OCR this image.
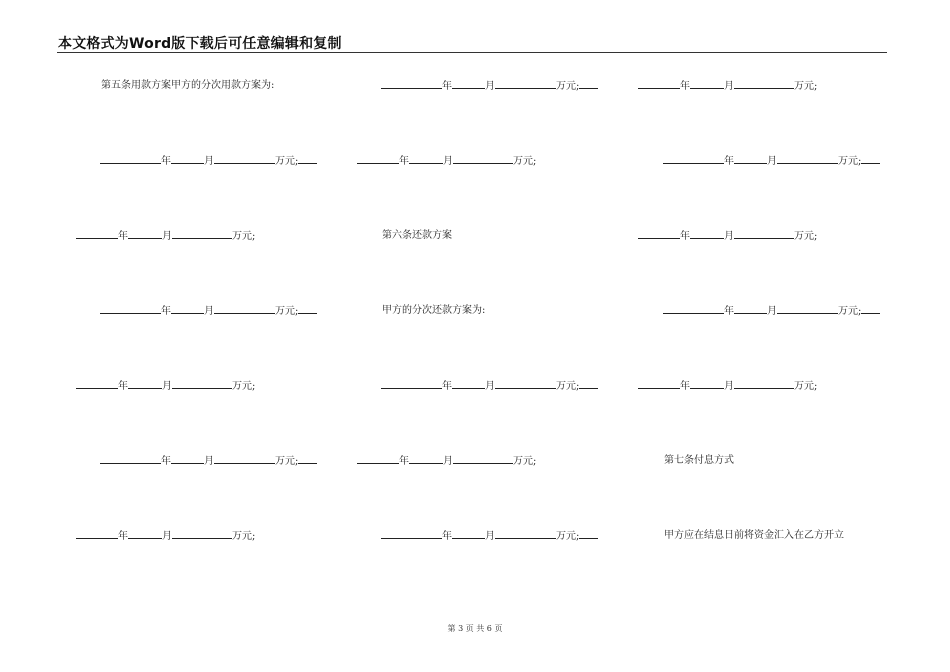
本文格式为Word版下载后可任意编辑和复制
第五条用款方案甲方的分次用款方案为:	年	月	万元;	年	月	万元;
年	月	万元;	年	月	万元;	年	月	万元;
年	月	万元;	第六条还款方案	年	月	万元;
年	月	万元;	甲方的分次还款方案为:	年	月	万元;
年	月	万元;	年	月	万元;	年	月	万元;
年	月	万元;	年	月	万元;	第七条付息方式
年	月	万元;	年	月	万元;	甲方应在结息日前将资金汇入在乙方开立
第 3 页 共 6 页
